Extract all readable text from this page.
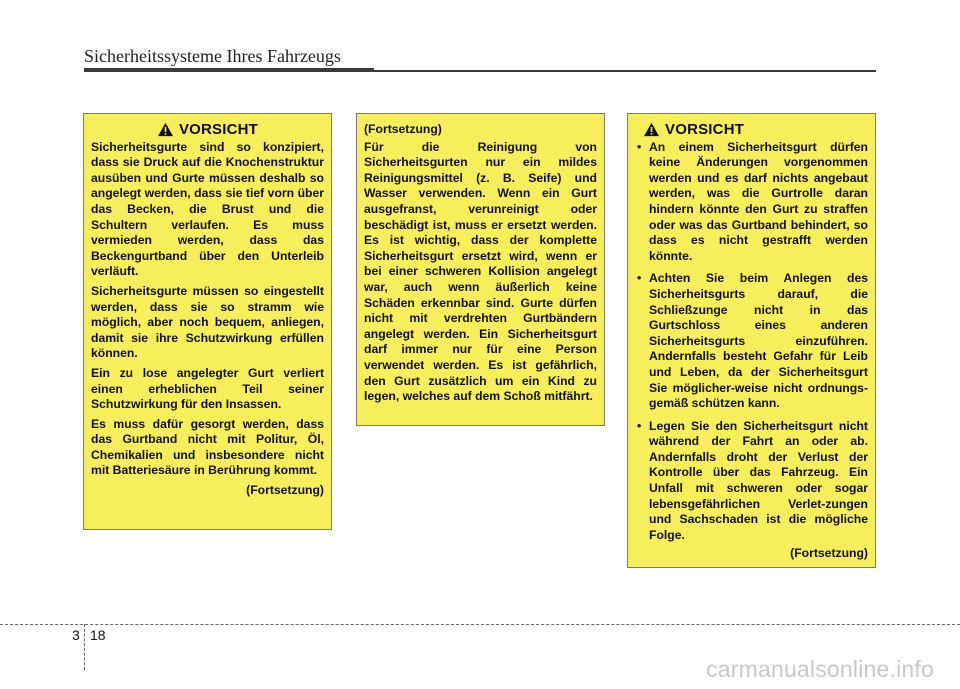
Sicherheitssysteme Ihres Fahrzeugs
VORSICHT

Sicherheitsgurte sind so konzipiert, dass sie Druck auf die Knochenstruktur ausüben und Gurte müssen deshalb so angelegt werden, dass sie tief vorn über das Becken, die Brust und die Schultern verlaufen. Es muss vermieden werden, dass das Beckengurtband über den Unterleib verläuft.

Sicherheitsgurte müssen so eingestellt werden, dass sie so stramm wie möglich, aber noch bequem, anliegen, damit sie ihre Schutzwirkung erfüllen können.

Ein zu lose angelegter Gurt verliert einen erheblichen Teil seiner Schutzwirkung für den Insassen.

Es muss dafür gesorgt werden, dass das Gurtband nicht mit Politur, Öl, Chemikalien und insbesondere nicht mit Batteriesäure in Berührung kommt.

(Fortsetzung)
(Fortsetzung)

Für die Reinigung von Sicherheitsgurten nur ein mildes Reinigungsmittel (z. B. Seife) und Wasser verwenden. Wenn ein Gurt ausgefranst, verunreinigt oder beschädigt ist, muss er ersetzt werden. Es ist wichtig, dass der komplette Sicherheitsgurt ersetzt wird, wenn er bei einer schweren Kollision angelegt war, auch wenn äußerlich keine Schäden erkennbar sind. Gurte dürfen nicht mit verdrehten Gurtbändern angelegt werden. Ein Sicherheitsgurt darf immer nur für eine Person verwendet werden. Es ist gefährlich, den Gurt zusätzlich um ein Kind zu legen, welches auf dem Schoß mitfährt.

VORSICHT
• An einem Sicherheitsgurt dürfen keine Änderungen vorgenommen werden und es darf nichts angebaut werden, was die Gurtrolle daran hindern könnte den Gurt zu straffen oder was das Gurtband behindert, so dass es nicht gestrafft werden könnte.
• Achten Sie beim Anlegen des Sicherheitsgurts darauf, die Schließzunge nicht in das Gurtschloss eines anderen Sicherheitsgurts einzuführen. Andernfalls besteht Gefahr für Leib und Leben, da der Sicherheitsgurt Sie möglicher-weise nicht ordnungs-gemäß schützen kann.
• Legen Sie den Sicherheitsgurt nicht während der Fahrt an oder ab. Andernfalls droht der Verlust der Kontrolle über das Fahrzeug. Ein Unfall mit schweren oder sogar lebensgefährlichen Verlet-zungen und Sachschaden ist die mögliche Folge.
(Fortsetzung)
3 18
carmanualsonline.info
